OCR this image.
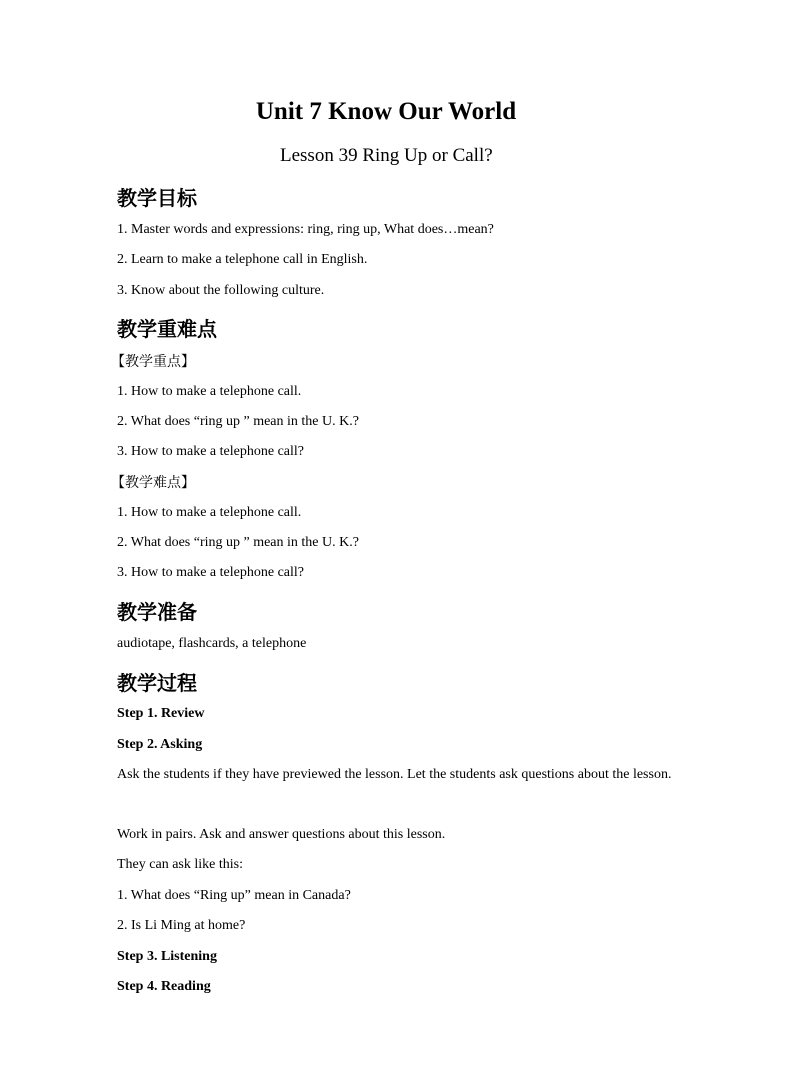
Unit 7 Know Our World
Lesson 39 Ring Up or Call?
教学目标
1. Master words and expressions: ring, ring up, What does…mean?
2. Learn to make a telephone call in English.
3. Know about the following culture.
教学重难点
【教学重点】
1. How to make a telephone call.
2. What does “ring up ” mean in the U. K.?
3. How to make a telephone call?
【教学难点】
1. How to make a telephone call.
2. What does “ring up ” mean in the U. K.?
3. How to make a telephone call?
教学准备
audiotape, flashcards, a telephone
教学过程
Step 1. Review
Step 2. Asking
Ask the students if they have previewed the lesson. Let the students ask questions about the lesson.
Work in pairs. Ask and answer questions about this lesson.
They can ask like this:
1. What does “Ring up” mean in Canada?
2. Is Li Ming at home?
Step 3. Listening
Step 4. Reading
